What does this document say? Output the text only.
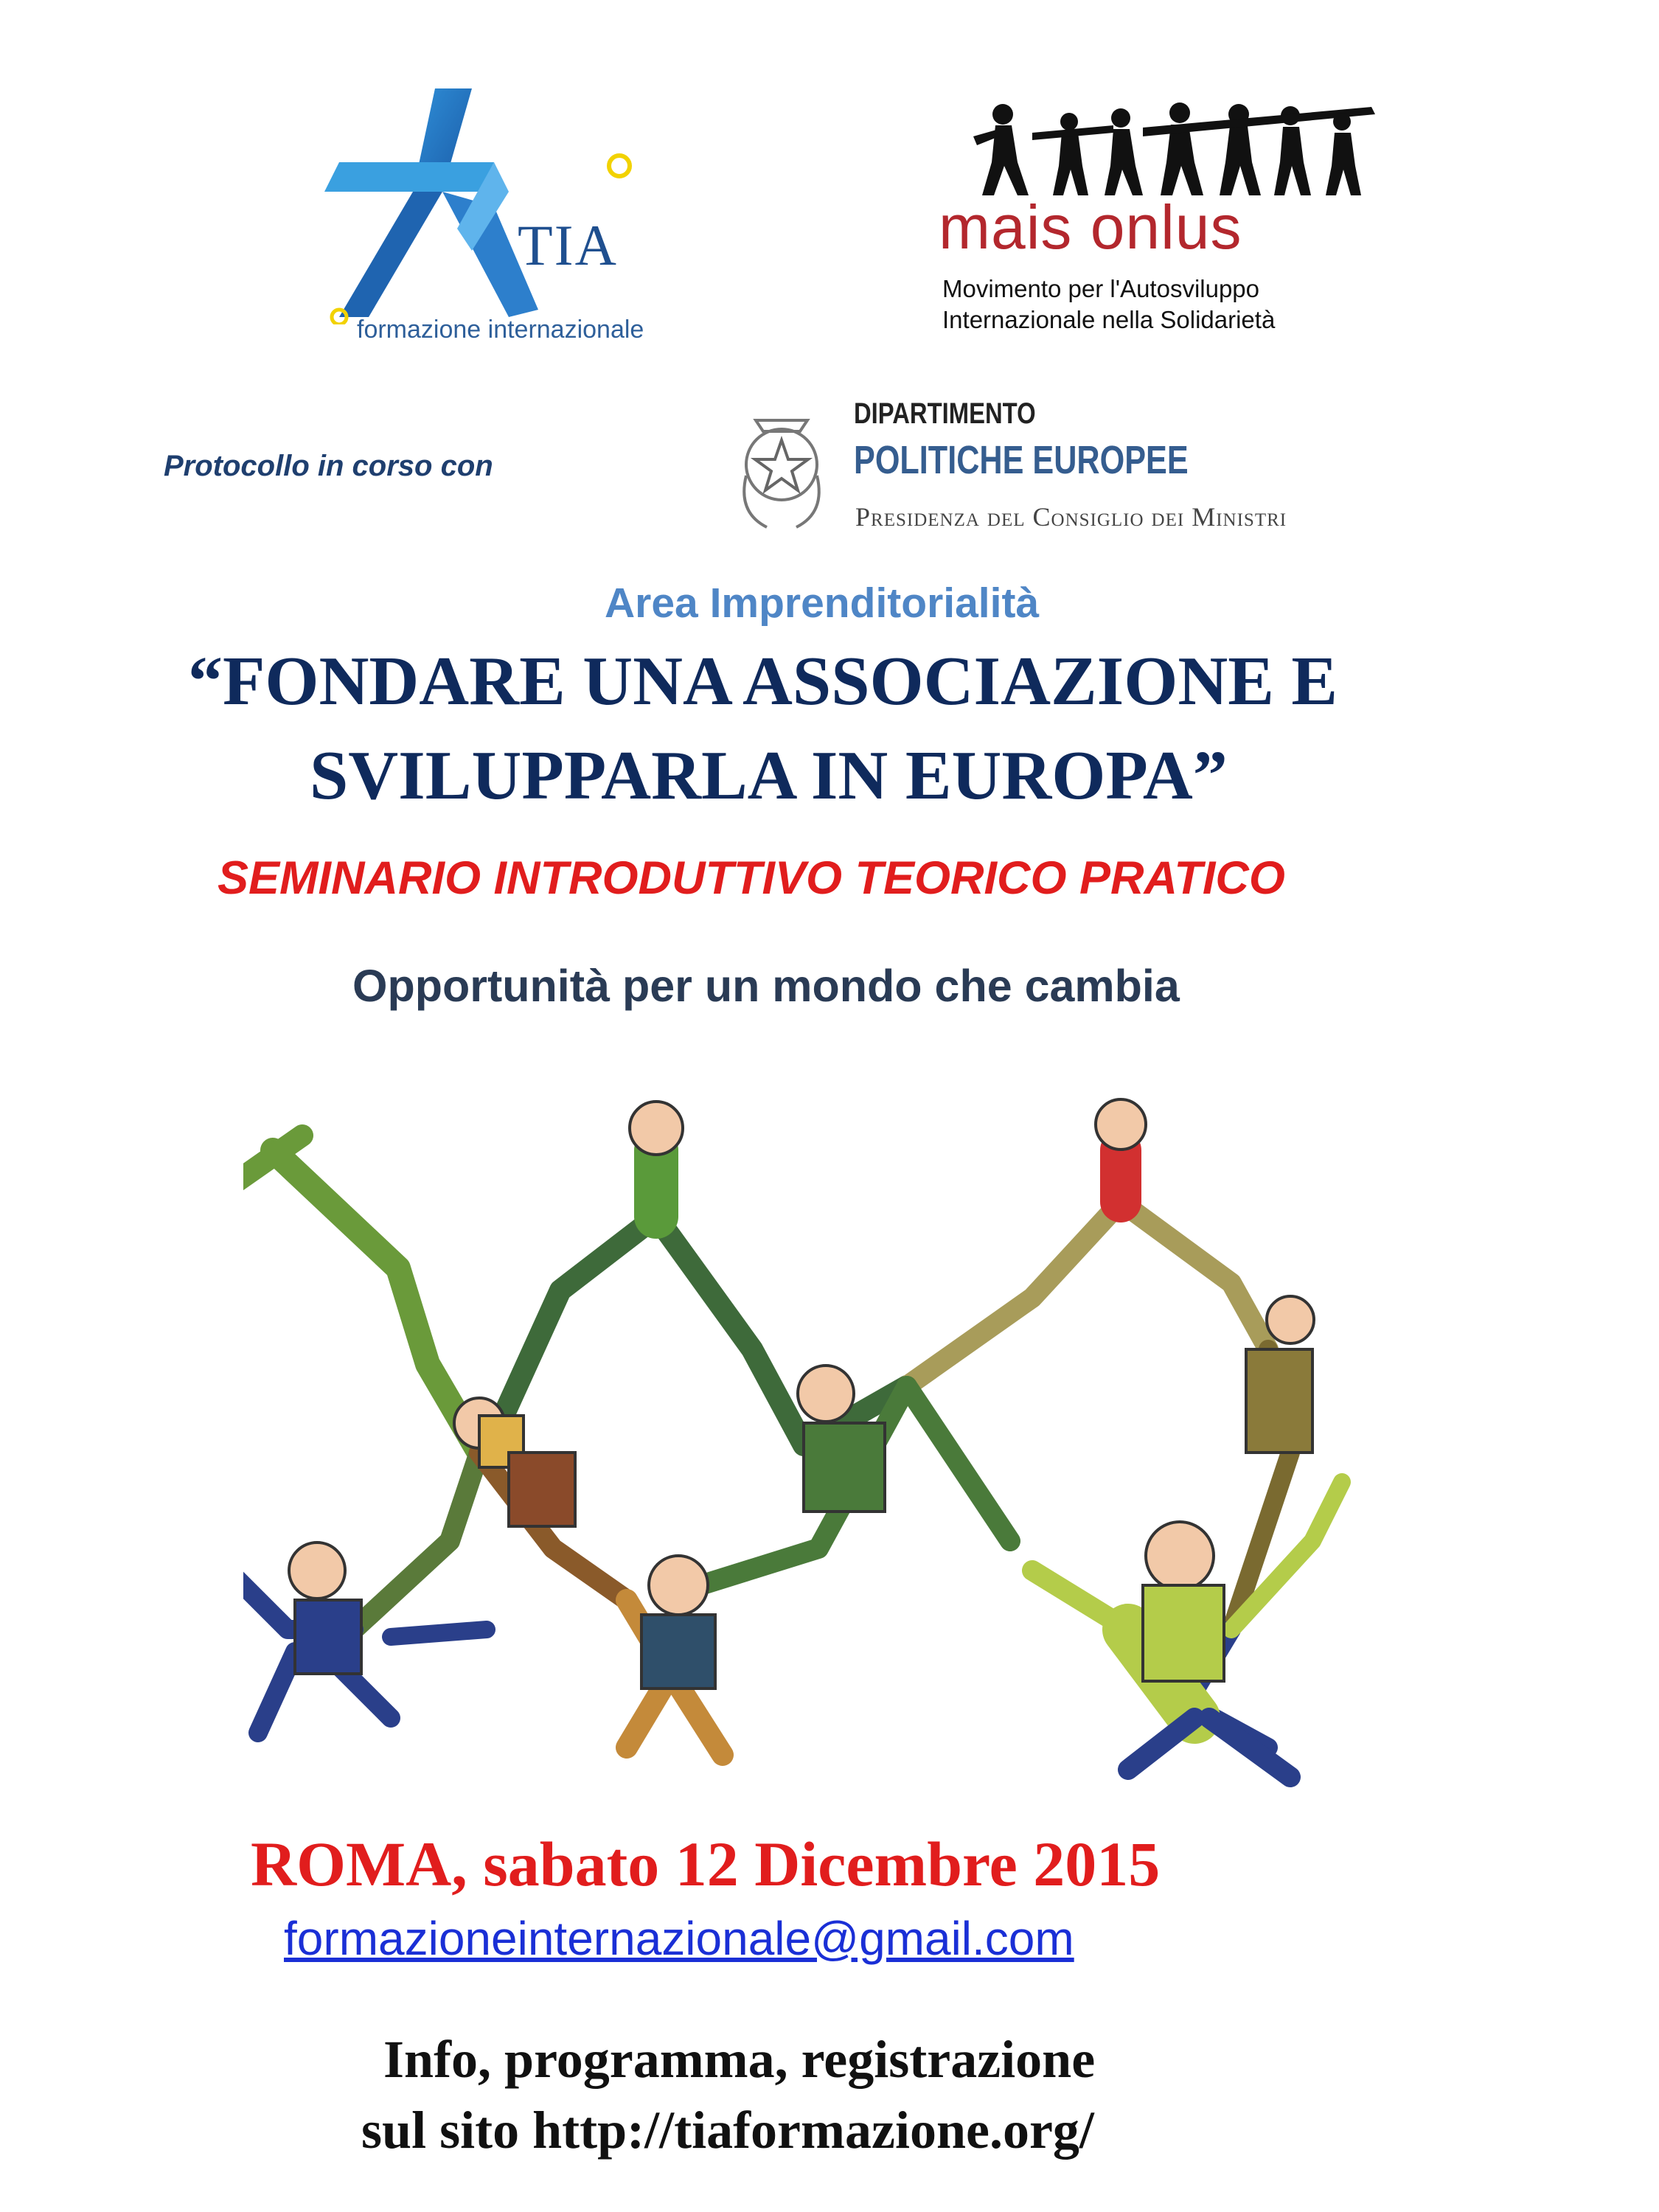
TIA
formazione internazionale
mais onlus
Movimento per l'Autosviluppo
Internazionale nella Solidarietà
Protocollo in corso con
DIPARTIMENTO
POLITICHE EUROPEE
Presidenza del Consiglio dei Ministri
Area Imprenditorialità
“FONDARE UNA ASSOCIAZIONE E
SVILUPPARLA IN EUROPA”
SEMINARIO INTRODUTTIVO TEORICO PRATICO
Opportunità per un mondo che cambia
ROMA, sabato 12 Dicembre 2015
formazioneinternazionale@gmail.com
Info, programma, registrazione
sul sito http://tiaformazione.org/
